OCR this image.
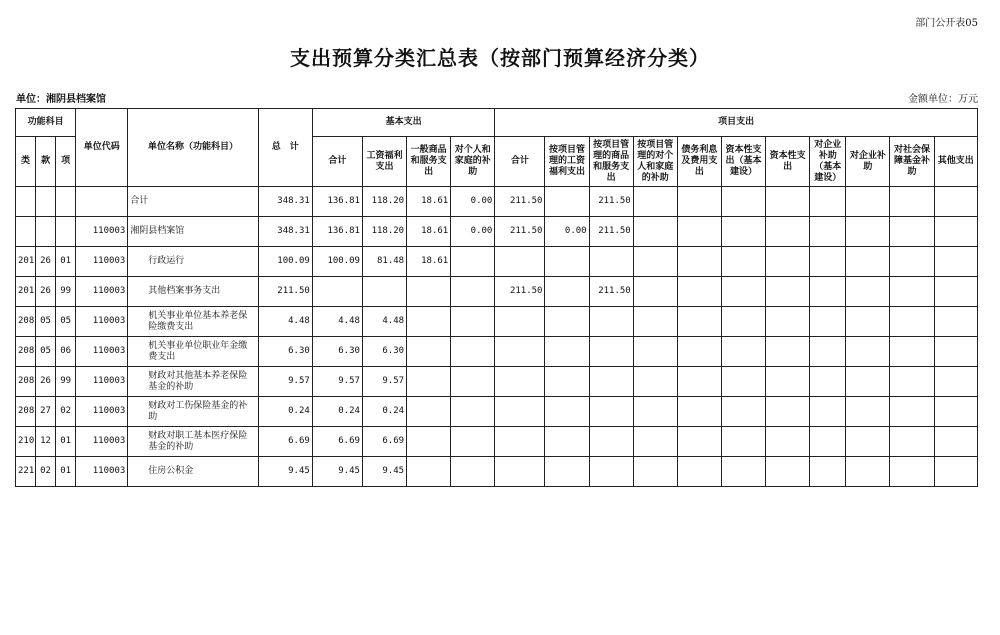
部门公开表05
支出预算分类汇总表（按部门预算经济分类）
单位：湘阴县档案馆	金额单位：万元
功能科目			单位代码	单位名称（功能科目）	总　计	基本支出				项目支出										
类	款	项				合计	工资福利支出	一般商品和服务支出	对个人和家庭的补助	合计	按项目管理的工资福利支出	按项目管理的商品和服务支出	按项目管理的对个人和家庭的补助	债务利息及费用支出	资本性支出（基本建设）	资本性支出	对企业补助（基本建设）	对企业补助	对社会保障基金补助	其他支出
				合计	348.31	136.81	118.20	18.61	0.00	211.50		211.50								
			110003	湘阴县档案馆	348.31	136.81	118.20	18.61	0.00	211.50	0.00	211.50								
201	26	01	110003	行政运行	100.09	100.09	81.48	18.61												
201	26	99	110003	其他档案事务支出	211.50					211.50		211.50								
208	05	05	110003	机关事业单位基本养老保险缴费支出	4.48	4.48	4.48													
208	05	06	110003	机关事业单位职业年金缴费支出	6.30	6.30	6.30													
208	26	99	110003	财政对其他基本养老保险基金的补助	9.57	9.57	9.57													
208	27	02	110003	财政对工伤保险基金的补助	0.24	0.24	0.24													
210	12	01	110003	财政对职工基本医疗保险基金的补助	6.69	6.69	6.69													
221	02	01	110003	住房公积金	9.45	9.45	9.45													
